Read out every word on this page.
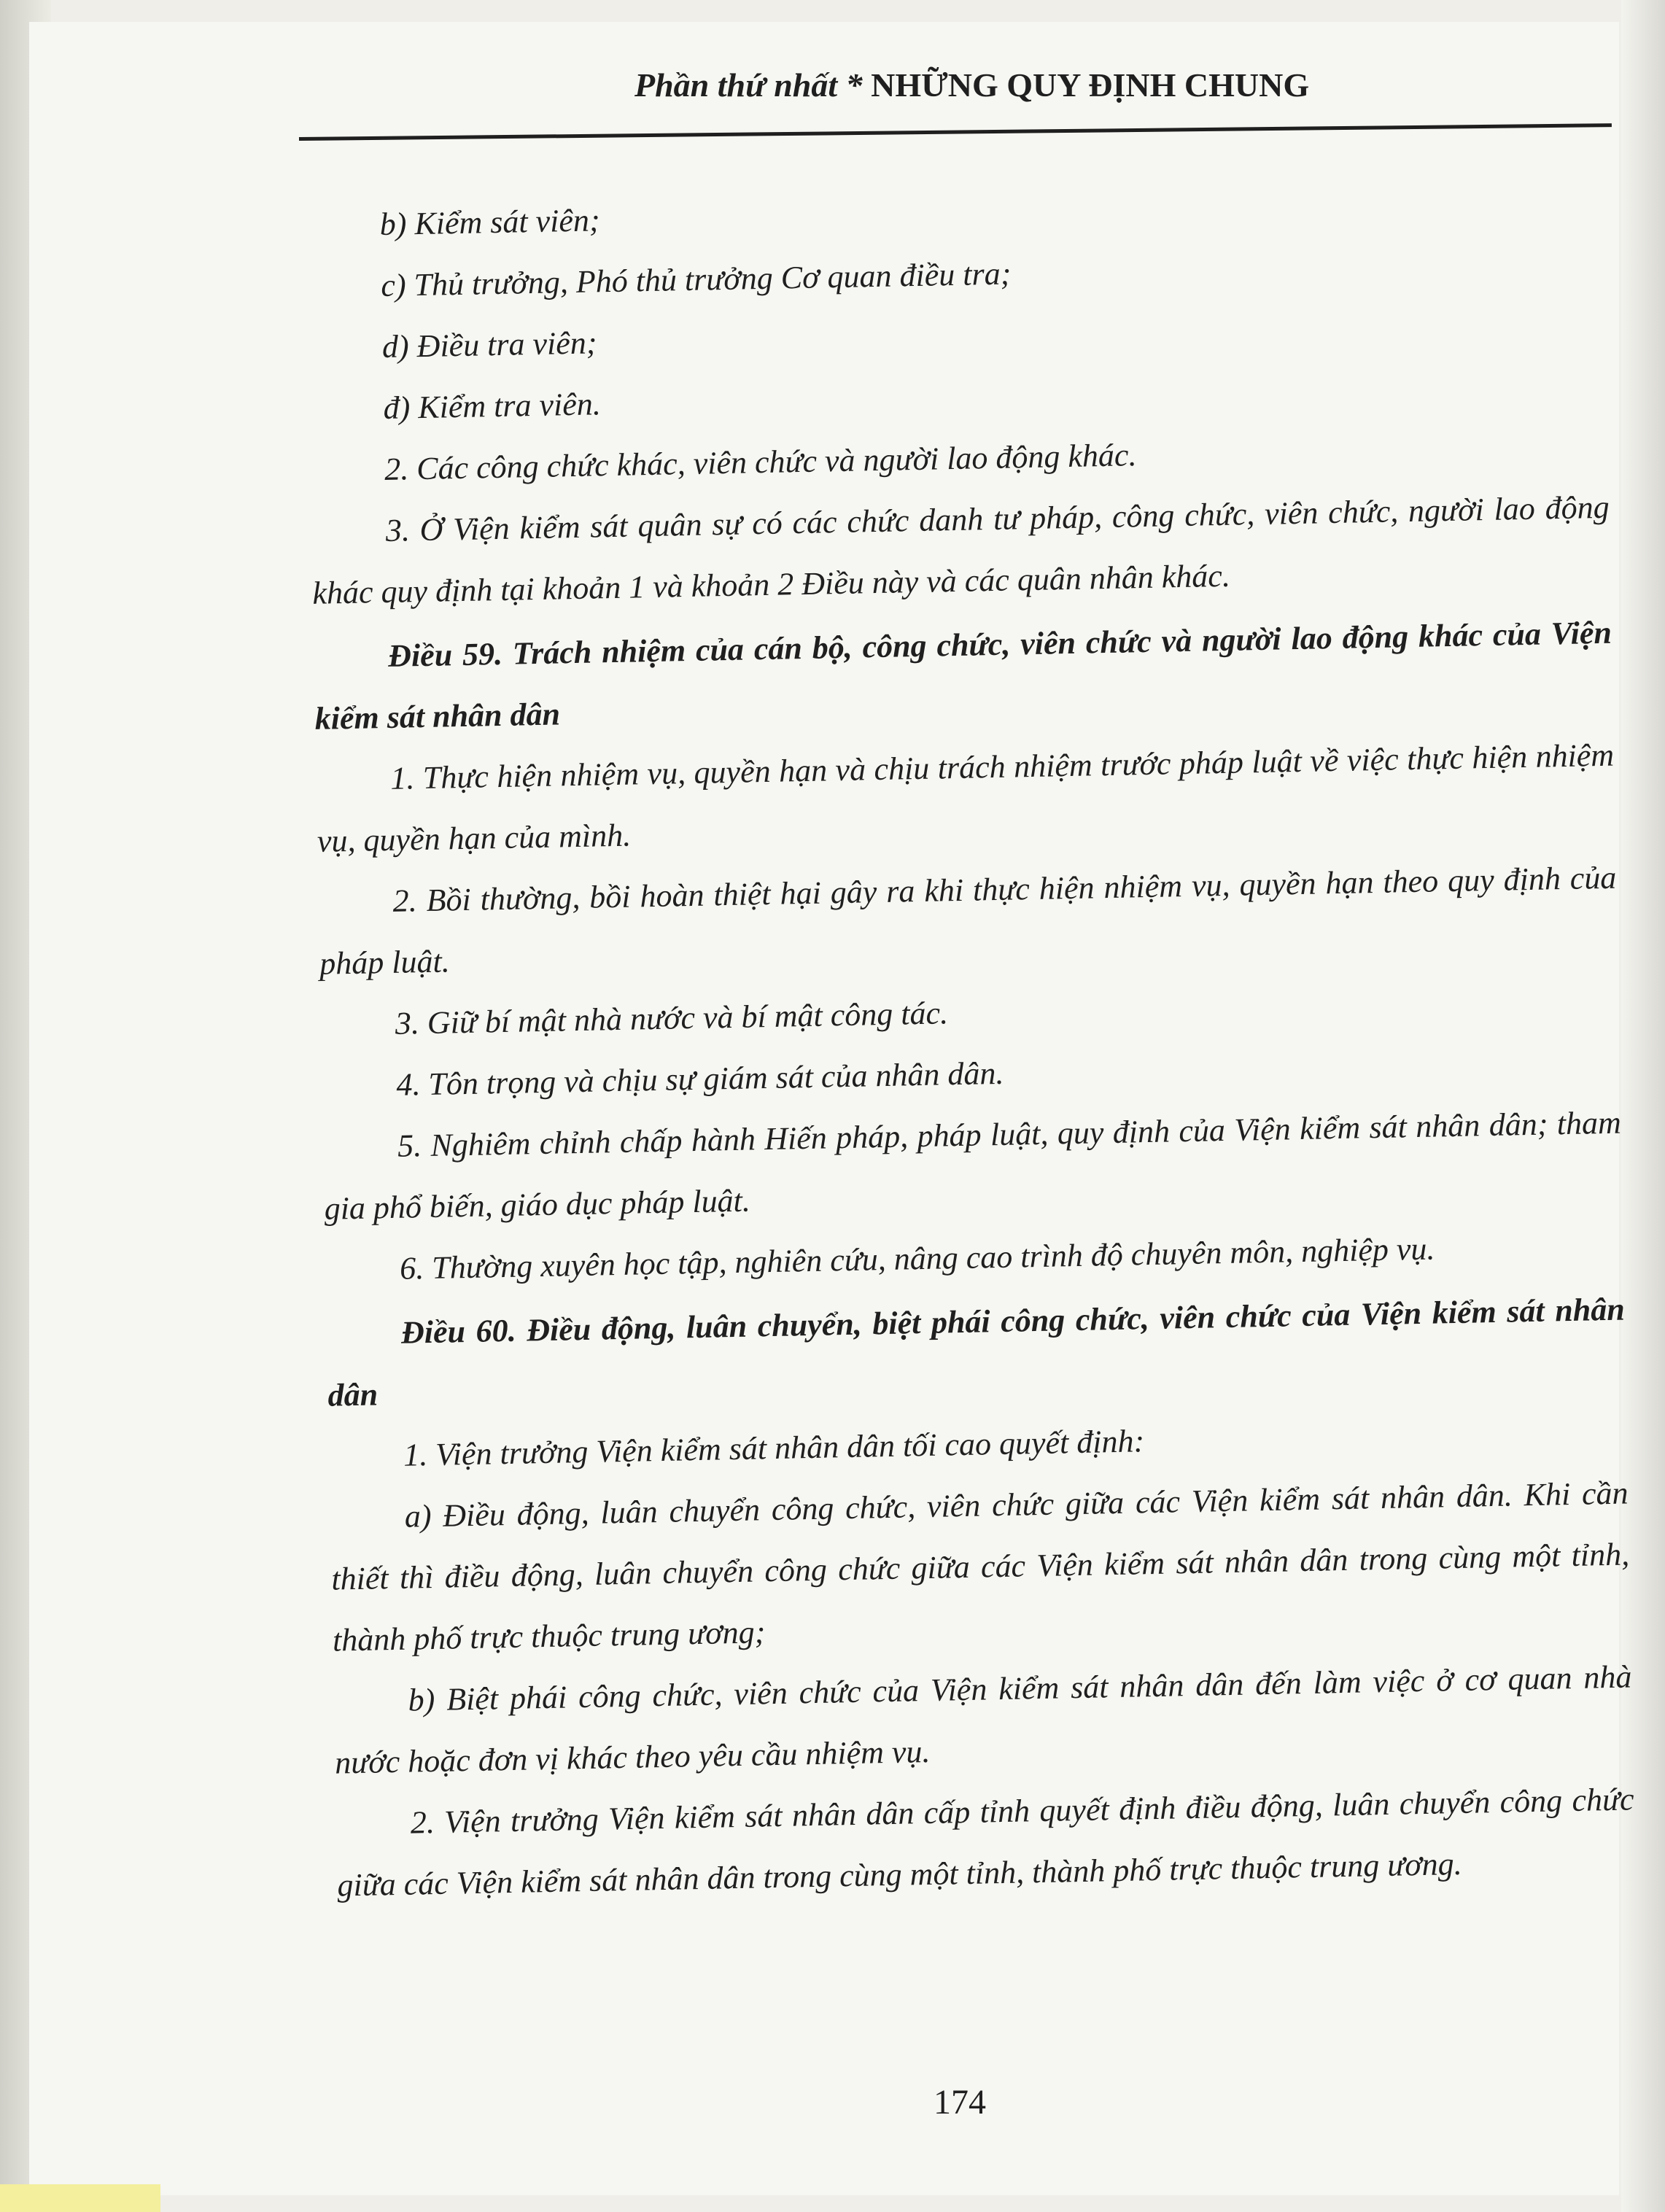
Phần thứ nhất * NHỮNG QUY ĐỊNH CHUNG

b) Kiểm sát viên;

c) Thủ trưởng, Phó thủ trưởng Cơ quan điều tra;

d) Điều tra viên;

đ) Kiểm tra viên.

2. Các công chức khác, viên chức và người lao động khác.

3. Ở Viện kiểm sát quân sự có các chức danh tư pháp, công chức, viên chức, người lao động khác quy định tại khoản 1 và khoản 2 Điều này và các quân nhân khác.

Điều 59. Trách nhiệm của cán bộ, công chức, viên chức và người lao động khác của Viện kiểm sát nhân dân

1. Thực hiện nhiệm vụ, quyền hạn và chịu trách nhiệm trước pháp luật về việc thực hiện nhiệm vụ, quyền hạn của mình.

2. Bồi thường, bồi hoàn thiệt hại gây ra khi thực hiện nhiệm vụ, quyền hạn theo quy định của pháp luật.

3. Giữ bí mật nhà nước và bí mật công tác.

4. Tôn trọng và chịu sự giám sát của nhân dân.

5. Nghiêm chỉnh chấp hành Hiến pháp, pháp luật, quy định của Viện kiểm sát nhân dân; tham gia phổ biến, giáo dục pháp luật.

6. Thường xuyên học tập, nghiên cứu, nâng cao trình độ chuyên môn, nghiệp vụ.

Điều 60. Điều động, luân chuyển, biệt phái công chức, viên chức của Viện kiểm sát nhân dân

1. Viện trưởng Viện kiểm sát nhân dân tối cao quyết định:

a) Điều động, luân chuyển công chức, viên chức giữa các Viện kiểm sát nhân dân. Khi cần thiết thì điều động, luân chuyển công chức giữa các Viện kiểm sát nhân dân trong cùng một tỉnh, thành phố trực thuộc trung ương;

b) Biệt phái công chức, viên chức của Viện kiểm sát nhân dân đến làm việc ở cơ quan nhà nước hoặc đơn vị khác theo yêu cầu nhiệm vụ.

2. Viện trưởng Viện kiểm sát nhân dân cấp tỉnh quyết định điều động, luân chuyển công chức giữa các Viện kiểm sát nhân dân trong cùng một tỉnh, thành phố trực thuộc trung ương.

174
